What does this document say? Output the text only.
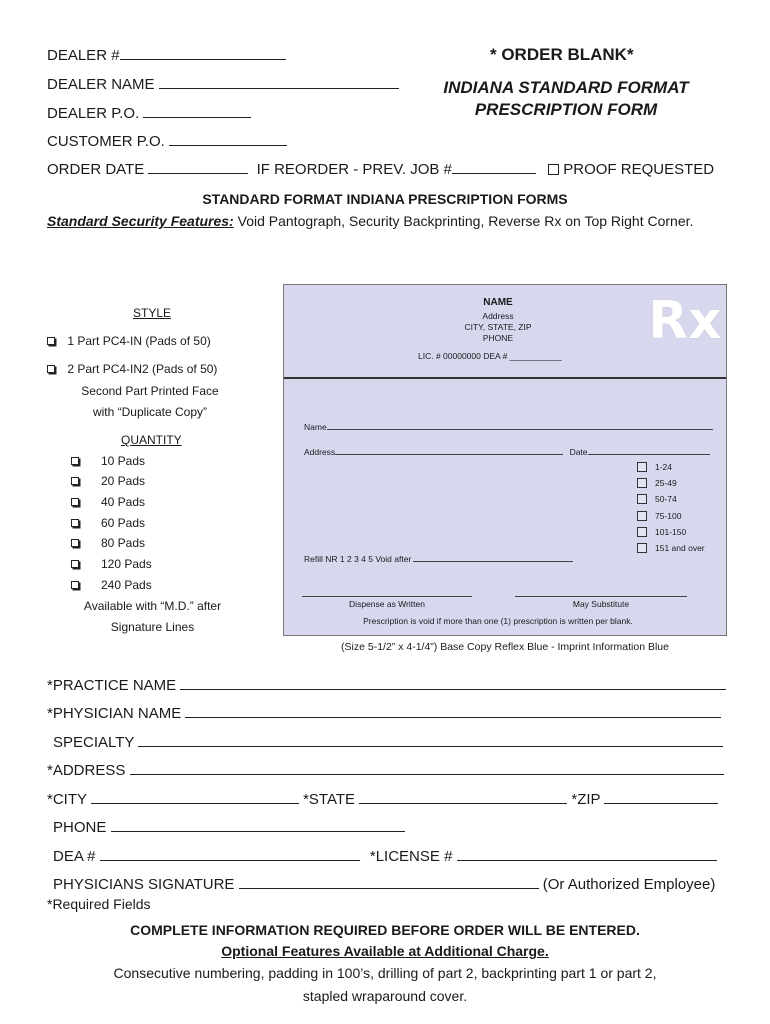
DEALER #
DEALER NAME
DEALER P.O.
CUSTOMER P.O.
ORDER DATE	IF REORDER - PREV. JOB #	PROOF REQUESTED
* ORDER BLANK*
INDIANA STANDARD FORMAT
PRESCRIPTION FORM
STANDARD FORMAT INDIANA PRESCRIPTION FORMS
Standard Security Features: Void Pantograph, Security Backprinting, Reverse Rx on Top Right Corner.
STYLE
1 Part PC4-IN (Pads of 50)
2 Part PC4-IN2 (Pads of 50)
Second Part Printed Face
with “Duplicate Copy”
QUANTITY
10 Pads
20 Pads
40 Pads
60 Pads
80 Pads
120 Pads
240 Pads
Available with “M.D.” after
Signature Lines
NAME
Address
CITY, STATE, ZIP
PHONE
LIC. # 00000000 DEA # ___________
Rx
Name
Address	Date
1-24
25-49
50-74
75-100
101-150
151 and over
Refill NR 1 2 3 4 5 Void after
Dispense as Written	May Substitute
Prescription is void if more than one (1) prescription is written per blank.
(Size 5-1/2” x 4-1/4”) Base Copy Reflex Blue - Imprint Information Blue
*PRACTICE NAME
*PHYSICIAN NAME
SPECIALTY
*ADDRESS
*CITY	*STATE	*ZIP
PHONE
DEA #	*LICENSE #
PHYSICIANS SIGNATURE	(Or Authorized Employee)
*Required Fields
COMPLETE INFORMATION REQUIRED BEFORE ORDER WILL BE ENTERED.
Optional Features Available at Additional Charge.
Consecutive numbering, padding in 100’s, drilling of part 2, backprinting part 1 or part 2,
stapled wraparound cover.
